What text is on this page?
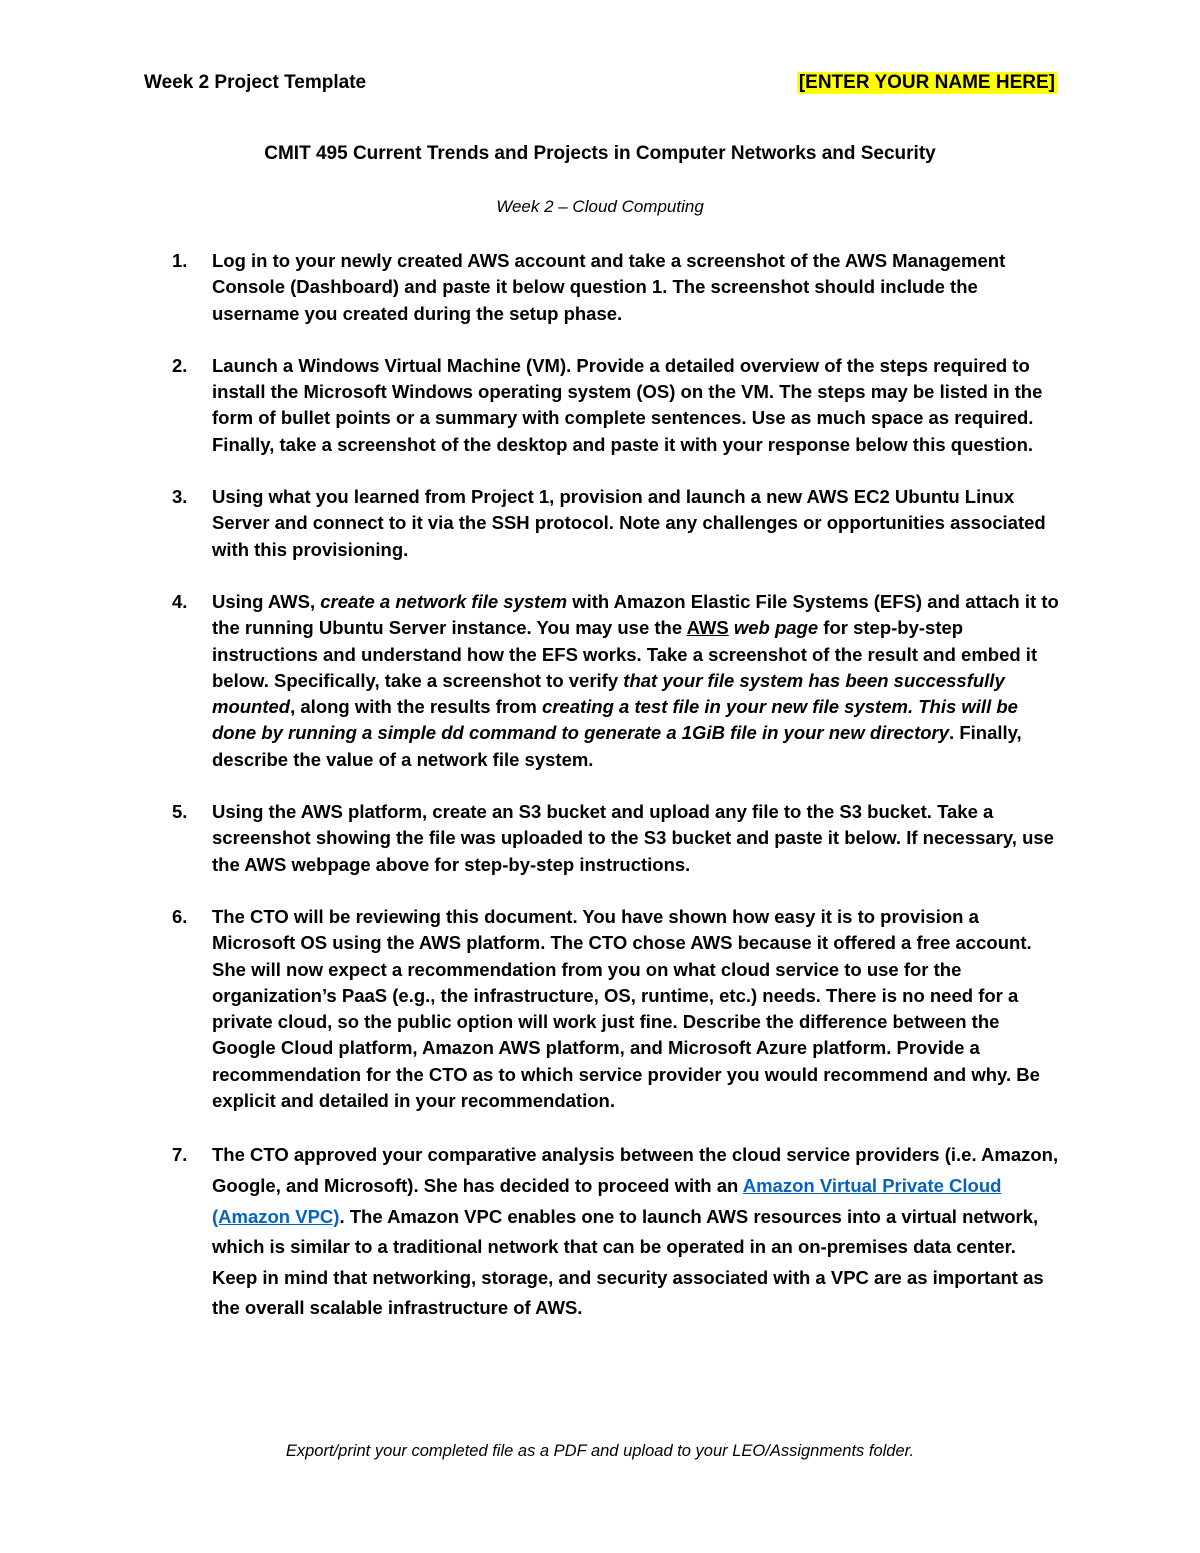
Week 2 Project Template	[ENTER YOUR NAME HERE]
CMIT 495 Current Trends and Projects in Computer Networks and Security
Week 2 – Cloud Computing
1. Log in to your newly created AWS account and take a screenshot of the AWS Management Console (Dashboard) and paste it below question 1. The screenshot should include the username you created during the setup phase.

2. Launch a Windows Virtual Machine (VM). Provide a detailed overview of the steps required to install the Microsoft Windows operating system (OS) on the VM. The steps may be listed in the form of bullet points or a summary with complete sentences. Use as much space as required. Finally, take a screenshot of the desktop and paste it with your response below this question.

3. Using what you learned from Project 1, provision and launch a new AWS EC2 Ubuntu Linux Server and connect to it via the SSH protocol. Note any challenges or opportunities associated with this provisioning.

4. Using AWS, create a network file system with Amazon Elastic File Systems (EFS) and attach it to the running Ubuntu Server instance. You may use the AWS web page for step-by-step instructions and understand how the EFS works. Take a screenshot of the result and embed it below. Specifically, take a screenshot to verify that your file system has been successfully mounted, along with the results from creating a test file in your new file system. This will be done by running a simple dd command to generate a 1GiB file in your new directory. Finally, describe the value of a network file system.

5. Using the AWS platform, create an S3 bucket and upload any file to the S3 bucket. Take a screenshot showing the file was uploaded to the S3 bucket and paste it below. If necessary, use the AWS webpage above for step-by-step instructions.

6. The CTO will be reviewing this document. You have shown how easy it is to provision a Microsoft OS using the AWS platform. The CTO chose AWS because it offered a free account. She will now expect a recommendation from you on what cloud service to use for the organization’s PaaS (e.g., the infrastructure, OS, runtime, etc.) needs. There is no need for a private cloud, so the public option will work just fine. Describe the difference between the Google Cloud platform, Amazon AWS platform, and Microsoft Azure platform. Provide a recommendation for the CTO as to which service provider you would recommend and why. Be explicit and detailed in your recommendation.

7. The CTO approved your comparative analysis between the cloud service providers (i.e. Amazon, Google, and Microsoft). She has decided to proceed with an Amazon Virtual Private Cloud (Amazon VPC). The Amazon VPC enables one to launch AWS resources into a virtual network, which is similar to a traditional network that can be operated in an on-premises data center. Keep in mind that networking, storage, and security associated with a VPC are as important as the overall scalable infrastructure of AWS.

Export/print your completed file as a PDF and upload to your LEO/Assignments folder.
